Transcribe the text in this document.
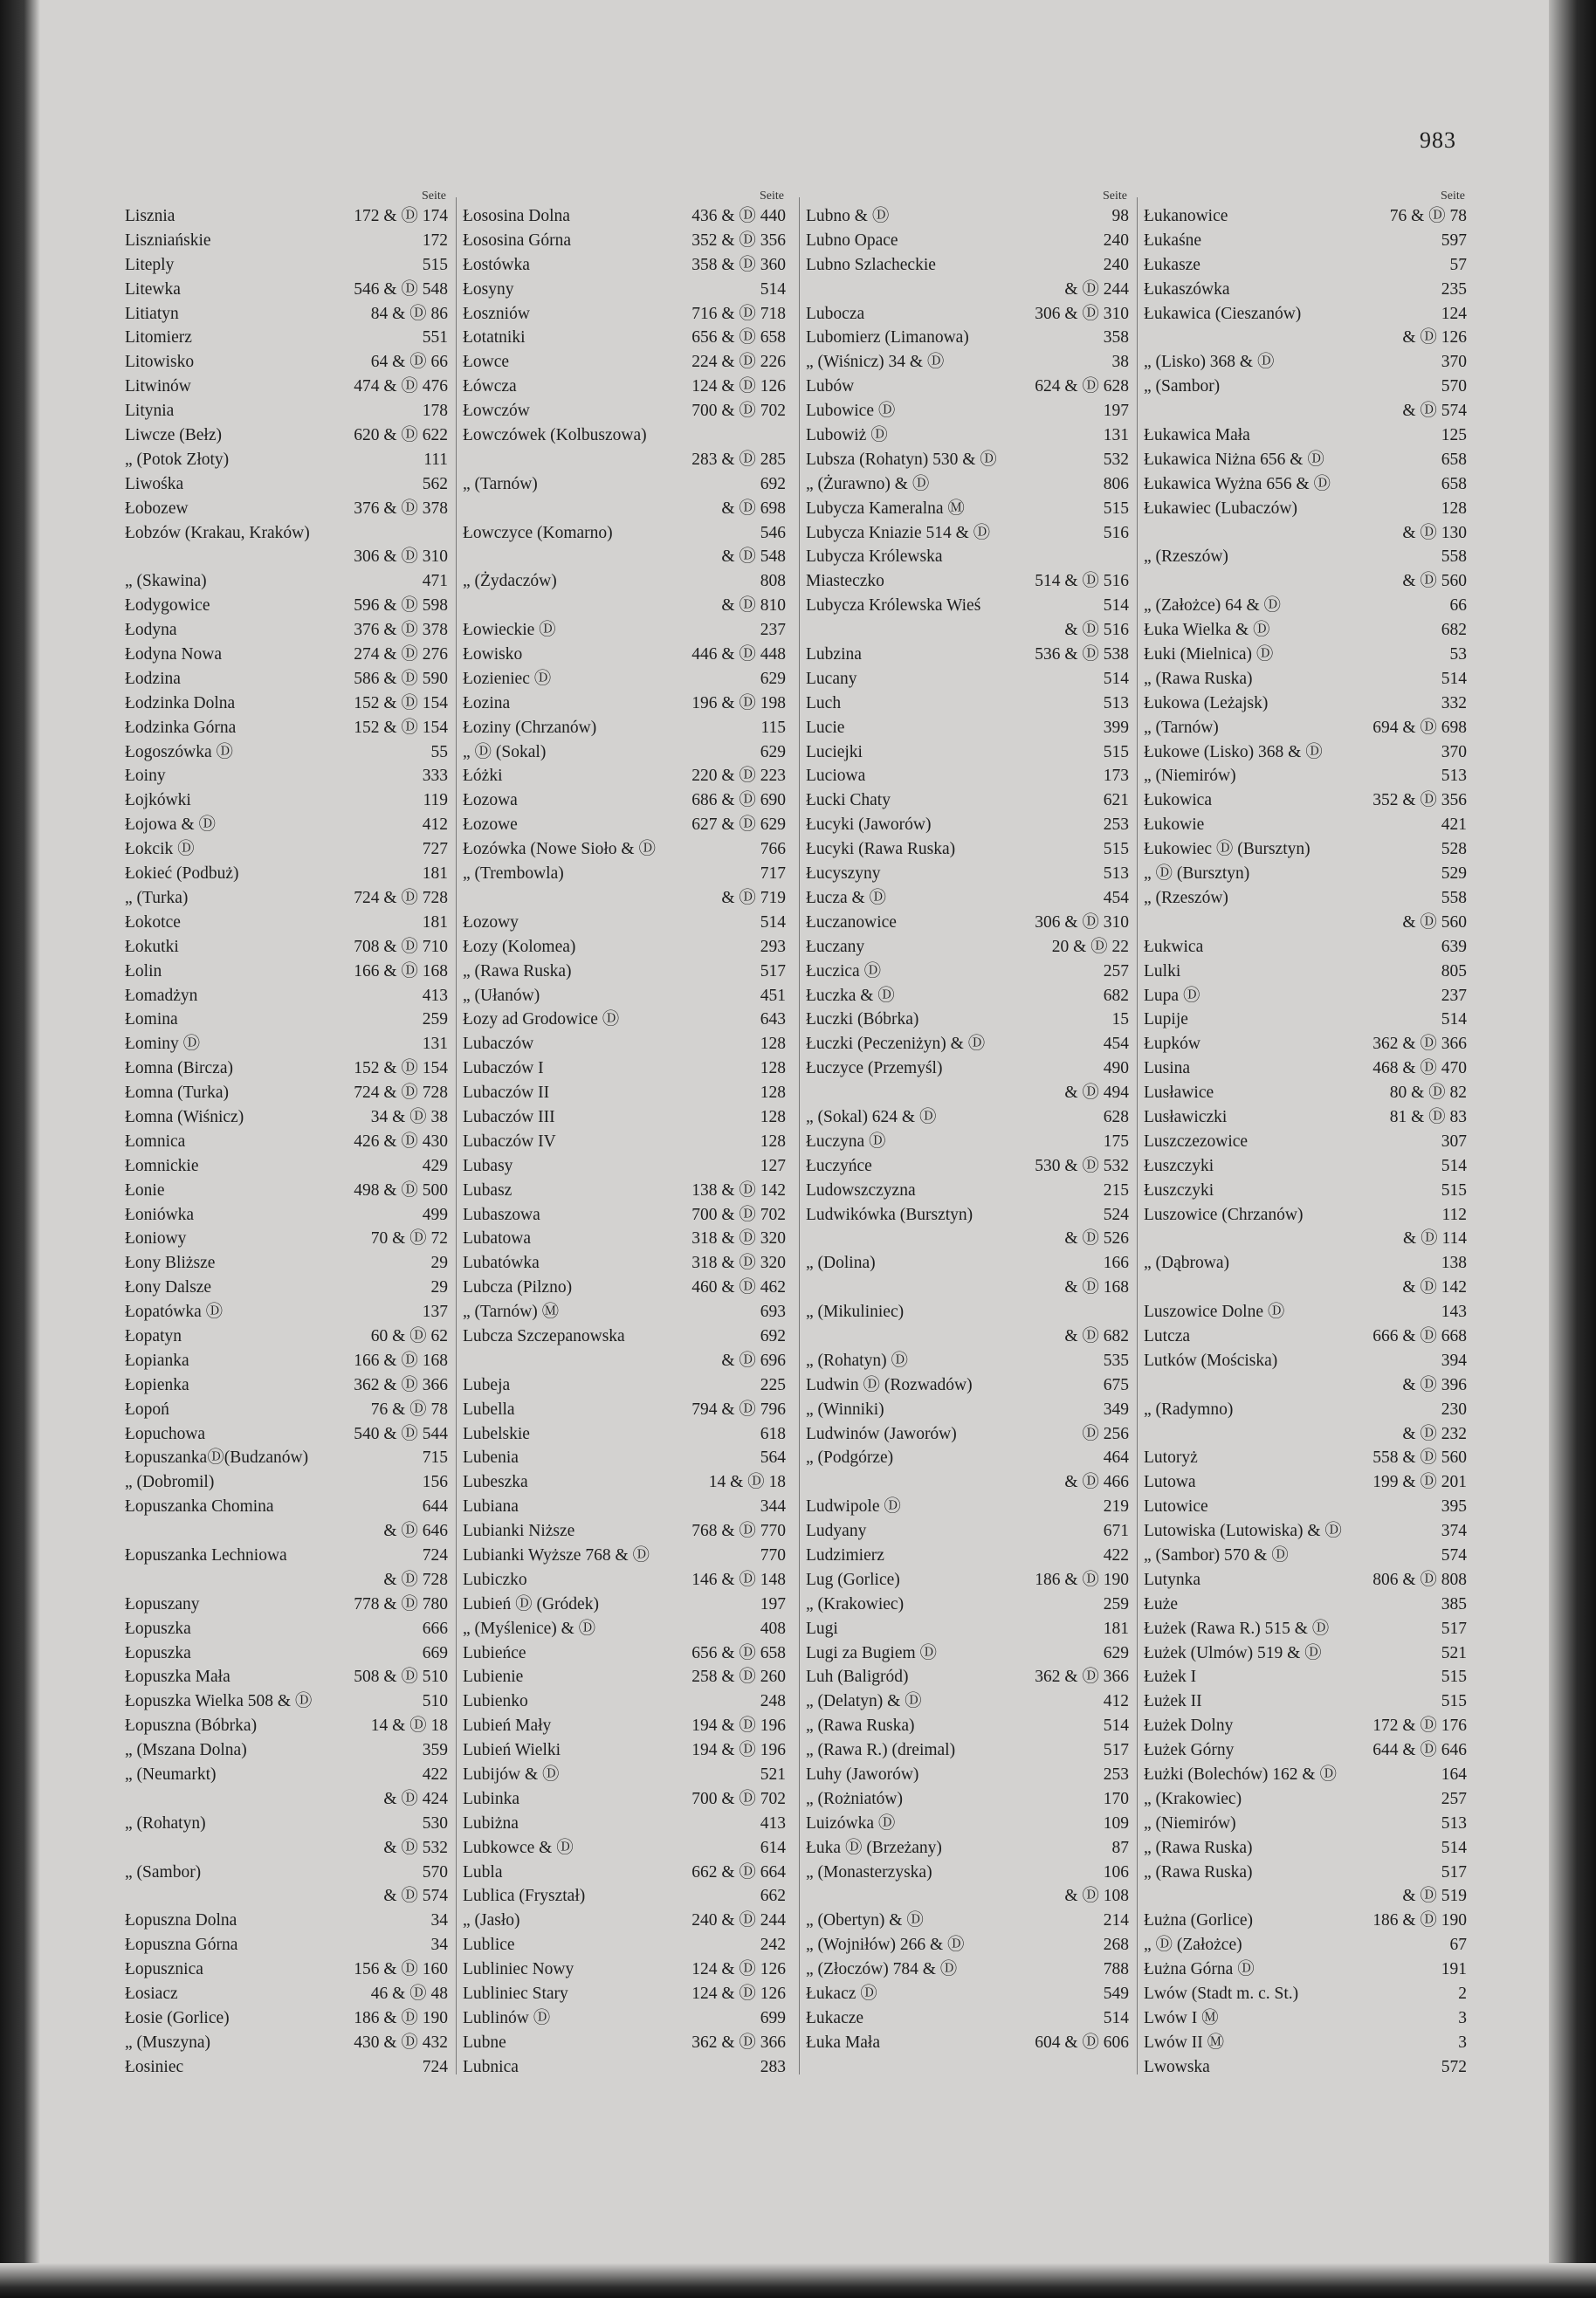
983
Seite
Lisznia	172 & Ⓓ 174
Liszniańskie	172
Liteply	515
Litewka	546 & Ⓓ 548
Litiatyn	84 & Ⓓ 86
Litomierz	551
Litowisko	64 & Ⓓ 66
Litwinów	474 & Ⓓ 476
Litynia	178
Liwcze (Bełz)	620 & Ⓓ 622
„ (Potok Złoty)	111
Liwośka	562
Łobozew	376 & Ⓓ 378
Łobzów (Krakau, Kraków)
306 & Ⓓ 310
„ (Skawina)	471
Łodygowice	596 & Ⓓ 598
Łodyna	376 & Ⓓ 378
Łodyna Nowa	274 & Ⓓ 276
Łodzina	586 & Ⓓ 590
Łodzinka Dolna	152 & Ⓓ 154
Łodzinka Górna	152 & Ⓓ 154
Łogoszówka Ⓓ	55
Łoiny	333
Łojkówki	119
Łojowa & Ⓓ	412
Łokcik Ⓓ	727
Łokieć (Podbuż)	181
„ (Turka)	724 & Ⓓ 728
Łokotce	181
Łokutki	708 & Ⓓ 710
Łolin	166 & Ⓓ 168
Łomadżyn	413
Łomina	259
Łominy Ⓓ	131
Łomna (Bircza)	152 & Ⓓ 154
Łomna (Turka)	724 & Ⓓ 728
Łomna (Wiśnicz)	34 & Ⓓ 38
Łomnica	426 & Ⓓ 430
Łomnickie	429
Łonie	498 & Ⓓ 500
Łoniówka	499
Łoniowy	70 & Ⓓ 72
Łony Bliższe	29
Łony Dalsze	29
Łopatówka Ⓓ	137
Łopatyn	60 & Ⓓ 62
Łopianka	166 & Ⓓ 168
Łopienka	362 & Ⓓ 366
Łopoń	76 & Ⓓ 78
Łopuchowa	540 & Ⓓ 544
ŁopuszankaⒹ(Budzanów)	715
„ (Dobromil)	156
Łopuszanka Chomina	644
& Ⓓ 646
Łopuszanka Lechniowa	724
& Ⓓ 728
Łopuszany	778 & Ⓓ 780
Łopuszka	666
Łopuszka	669
Łopuszka Mała	508 & Ⓓ 510
Łopuszka Wielka 508 & Ⓓ	510
Łopuszna (Bóbrka)	14 & Ⓓ 18
„ (Mszana Dolna)	359
„ (Neumarkt)	422
& Ⓓ 424
„ (Rohatyn)	530
& Ⓓ 532
„ (Sambor)	570
& Ⓓ 574
Łopuszna Dolna	34
Łopuszna Górna	34
Łopusznica	156 & Ⓓ 160
Łosiacz	46 & Ⓓ 48
Łosie (Gorlice)	186 & Ⓓ 190
„ (Muszyna)	430 & Ⓓ 432
Łosiniec	724
Seite
Łososina Dolna	436 & Ⓓ 440
Łososina Górna	352 & Ⓓ 356
Łostówka	358 & Ⓓ 360
Łosyny	514
Łoszniów	716 & Ⓓ 718
Łotatniki	656 & Ⓓ 658
Łowce	224 & Ⓓ 226
Łówcza	124 & Ⓓ 126
Łowczów	700 & Ⓓ 702
Łowczówek (Kolbuszowa)
283 & Ⓓ 285
„ (Tarnów)	692
& Ⓓ 698
Łowczyce (Komarno)	546
& Ⓓ 548
„ (Żydaczów)	808
& Ⓓ 810
Łowieckie Ⓓ	237
Łowisko	446 & Ⓓ 448
Łozieniec Ⓓ	629
Łozina	196 & Ⓓ 198
Łoziny (Chrzanów)	115
„ Ⓓ (Sokal)	629
Łóżki	220 & Ⓓ 223
Łozowa	686 & Ⓓ 690
Łozowe	627 & Ⓓ 629
Łozówka (Nowe Sioło & Ⓓ	766
„ (Trembowla)	717
& Ⓓ 719
Łozowy	514
Łozy (Kolomea)	293
„ (Rawa Ruska)	517
„ (Ułanów)	451
Łozy ad Grodowice Ⓓ	643
Lubaczów	128
Lubaczów I	128
Lubaczów II	128
Lubaczów III	128
Lubaczów IV	128
Lubasy	127
Lubasz	138 & Ⓓ 142
Lubaszowa	700 & Ⓓ 702
Lubatowa	318 & Ⓓ 320
Lubatówka	318 & Ⓓ 320
Lubcza (Pilzno)	460 & Ⓓ 462
„ (Tarnów) Ⓜ	693
Lubcza Szczepanowska	692
& Ⓓ 696
Lubeja	225
Lubella	794 & Ⓓ 796
Lubelskie	618
Lubenia	564
Lubeszka	14 & Ⓓ 18
Lubiana	344
Lubianki Niższe	768 & Ⓓ 770
Lubianki Wyższe 768 & Ⓓ	770
Lubiczko	146 & Ⓓ 148
Lubień Ⓓ (Gródek)	197
„ (Myślenice) & Ⓓ	408
Lubieńce	656 & Ⓓ 658
Lubienie	258 & Ⓓ 260
Lubienko	248
Lubień Mały	194 & Ⓓ 196
Lubień Wielki	194 & Ⓓ 196
Lubijów & Ⓓ	521
Lubinka	700 & Ⓓ 702
Lubiżna	413
Lubkowce & Ⓓ	614
Lubla	662 & Ⓓ 664
Lublica (Fryształ)	662
„ (Jasło)	240 & Ⓓ 244
Lublice	242
Lubliniec Nowy	124 & Ⓓ 126
Lubliniec Stary	124 & Ⓓ 126
Lublinów Ⓓ	699
Lubne	362 & Ⓓ 366
Lubnica	283
Seite
Lubno & Ⓓ	98
Lubno Opace	240
Lubno Szlacheckie	240
& Ⓓ 244
Luboczа	306 & Ⓓ 310
Lubomierz (Limanowa)	358
„ (Wiśnicz) 34 & Ⓓ	38
Lubów	624 & Ⓓ 628
Lubowice Ⓓ	197
Lubowiż Ⓓ	131
Lubsza (Rohatyn) 530 & Ⓓ	532
„ (Żurawno) & Ⓓ	806
Lubycza Kameralna Ⓜ	515
Lubycza Kniazie 514 & Ⓓ	516
Lubycza Królewska
Miasteczko	514 & Ⓓ 516
Lubycza Królewska Wieś	514
& Ⓓ 516
Lubzina	536 & Ⓓ 538
Lucany	514
Luch	513
Lucie	399
Luciejki	515
Luciowa	173
Łucki Chaty	621
Łucyki (Jaworów)	253
Łucyki (Rawa Ruska)	515
Łucyszyny	513
Łucza & Ⓓ	454
Łuczanowice	306 & Ⓓ 310
Łuczany	20 & Ⓓ 22
Łuczica Ⓓ	257
Łuczka & Ⓓ	682
Łuczki (Bóbrka)	15
Łuczki (Peczeniżyn) & Ⓓ	454
Łuczyce (Przemyśl)	490
& Ⓓ 494
„ (Sokal) 624 & Ⓓ	628
Łuczyna Ⓓ	175
Łuczyńce	530 & Ⓓ 532
Ludowszczyzna	215
Ludwikówka (Bursztyn)	524
& Ⓓ 526
„ (Dolina)	166
& Ⓓ 168
„ (Mikuliniec)
& Ⓓ 682
„ (Rohatyn) Ⓓ	535
Ludwin Ⓓ (Rozwadów)	675
„ (Winniki)	349
Ludwinów (Jaworów)	Ⓓ 256
„ (Podgórze)	464
& Ⓓ 466
Ludwipole Ⓓ	219
Ludyany	671
Ludzimierz	422
Lug (Gorlice)	186 & Ⓓ 190
„ (Krakowiec)	259
Lugi	181
Lugi za Bugiem Ⓓ	629
Luh (Baligród)	362 & Ⓓ 366
„ (Delatyn) & Ⓓ	412
„ (Rawa Ruska)	514
„ (Rawa R.) (dreimal)	517
Luhy (Jaworów)	253
„ (Rożniatów)	170
Luizówka Ⓓ	109
Łuka Ⓓ (Brzeżany)	87
„ (Monasterzyska)	106
& Ⓓ 108
„ (Obertyn) & Ⓓ	214
„ (Wojniłów) 266 & Ⓓ	268
„ (Złoczów) 784 & Ⓓ	788
Łukacz Ⓓ	549
Łukacze	514
Łuka Mała	604 & Ⓓ 606
Seite
Łukanowice	76 & Ⓓ 78
Łukaśne	597
Łukasze	57
Łukaszówka	235
Łukawica (Cieszanów)	124
& Ⓓ 126
„ (Lisko) 368 & Ⓓ	370
„ (Sambor)	570
& Ⓓ 574
Łukawica Mała	125
Łukawica Niżna 656 & Ⓓ	658
Łukawica Wyżna 656 & Ⓓ	658
Łukawiec (Lubaczów)	128
& Ⓓ 130
„ (Rzeszów)	558
& Ⓓ 560
„ (Założce) 64 & Ⓓ	66
Łuka Wielka & Ⓓ	682
Łuki (Mielnica) Ⓓ	53
„ (Rawa Ruska)	514
Łukowa (Leżajsk)	332
„ (Tarnów)	694 & Ⓓ 698
Łukowe (Lisko) 368 & Ⓓ	370
„ (Niemirów)	513
Łukowica	352 & Ⓓ 356
Łukowie	421
Łukowiec Ⓓ (Bursztyn)	528
„ Ⓓ (Bursztyn)	529
„ (Rzeszów)	558
& Ⓓ 560
Łukwica	639
Lulki	805
Lupa Ⓓ	237
Lupije	514
Łupków	362 & Ⓓ 366
Lusina	468 & Ⓓ 470
Lusławice	80 & Ⓓ 82
Lusławiczki	81 & Ⓓ 83
Luszczezowice	307
Łuszczyki	514
Łuszczyki	515
Luszowice (Chrzanów)	112
& Ⓓ 114
„ (Dąbrowa)	138
& Ⓓ 142
Luszowice Dolne Ⓓ	143
Lutcza	666 & Ⓓ 668
Lutków (Mościska)	394
& Ⓓ 396
„ (Radymno)	230
& Ⓓ 232
Lutoryż	558 & Ⓓ 560
Lutowa	199 & Ⓓ 201
Lutowice	395
Lutowiska (Lutowiska) & Ⓓ	374
„ (Sambor) 570 & Ⓓ	574
Lutynka	806 & Ⓓ 808
Łuże	385
Łużek (Rawa R.) 515 & Ⓓ	517
Łużek (Ulmów) 519 & Ⓓ	521
Łużek I	515
Łużek II	515
Łużek Dolny	172 & Ⓓ 176
Łużek Górny	644 & Ⓓ 646
Łużki (Bolechów) 162 & Ⓓ	164
„ (Krakowiec)	257
„ (Niemirów)	513
„ (Rawa Ruska)	514
„ (Rawa Ruska)	517
& Ⓓ 519
Łużna (Gorlice)	186 & Ⓓ 190
„ Ⓓ (Założce)	67
Łużna Górna Ⓓ	191
Lwów (Stadt m. c. St.)	2
Lwów I Ⓜ	3
Lwów II Ⓜ	3
Lwowska	572
